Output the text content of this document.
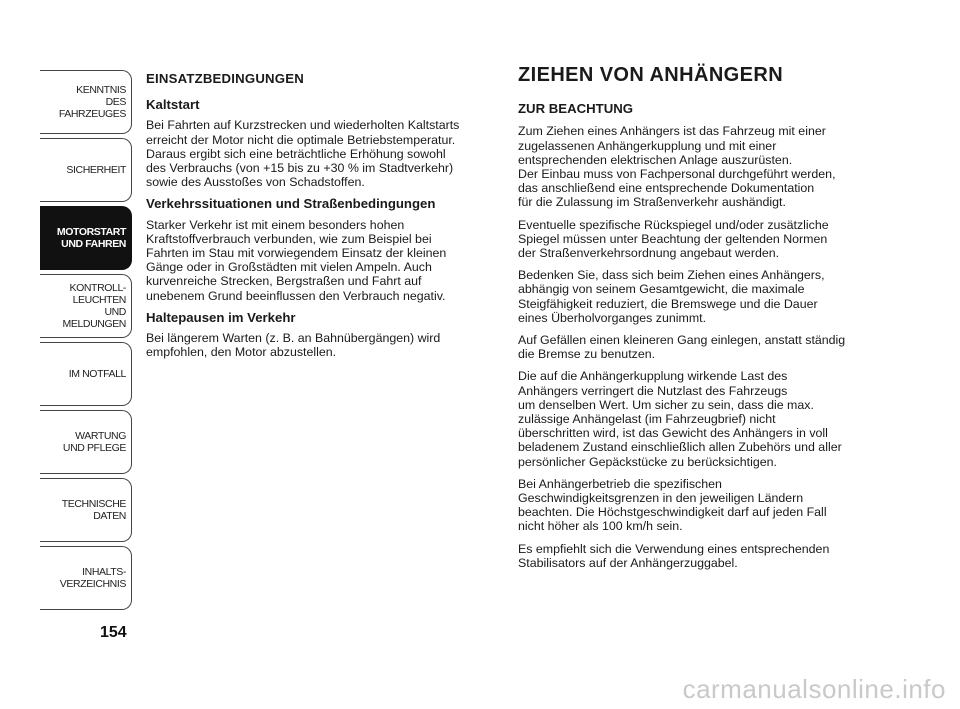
KENNTNIS
DES FAHRZEUGES
SICHERHEIT
MOTORSTART
UND FAHREN
KONTROLL-
LEUCHTEN
UND MELDUNGEN
IM NOTFALL
WARTUNG
UND PFLEGE
TECHNISCHE
DATEN
INHALTS-
VERZEICHNIS
154
EINSATZBEDINGUNGEN
Kaltstart

Bei Fahrten auf Kurzstrecken und wiederholten Kaltstarts
erreicht der Motor nicht die optimale Betriebstemperatur.
Daraus ergibt sich eine beträchtliche Erhöhung sowohl
des Verbrauchs (von +15 bis zu +30 % im Stadtverkehr)
sowie des Ausstoßes von Schadstoffen.

Verkehrssituationen und Straßenbedingungen

Starker Verkehr ist mit einem besonders hohen
Kraftstoffverbrauch verbunden, wie zum Beispiel bei
Fahrten im Stau mit vorwiegendem Einsatz der kleinen
Gänge oder in Großstädten mit vielen Ampeln. Auch
kurvenreiche Strecken, Bergstraßen und Fahrt auf
unebenem Grund beeinflussen den Verbrauch negativ.

Haltepausen im Verkehr

Bei längerem Warten (z. B. an Bahnübergängen) wird
empfohlen, den Motor abzustellen.

ZIEHEN VON ANHÄNGERN
ZUR BEACHTUNG

Zum Ziehen eines Anhängers ist das Fahrzeug mit einer
zugelassenen Anhängerkupplung und mit einer
entsprechenden elektrischen Anlage auszurüsten.
Der Einbau muss von Fachpersonal durchgeführt werden,
das anschließend eine entsprechende Dokumentation
für die Zulassung im Straßenverkehr aushändigt.

Eventuelle spezifische Rückspiegel und/oder zusätzliche
Spiegel müssen unter Beachtung der geltenden Normen
der Straßenverkehrsordnung angebaut werden.

Bedenken Sie, dass sich beim Ziehen eines Anhängers,
abhängig von seinem Gesamtgewicht, die maximale
Steigfähigkeit reduziert, die Bremswege und die Dauer
eines Überholvorganges zunimmt.

Auf Gefällen einen kleineren Gang einlegen, anstatt ständig
die Bremse zu benutzen.

Die auf die Anhängerkupplung wirkende Last des
Anhängers verringert die Nutzlast des Fahrzeugs
um denselben Wert. Um sicher zu sein, dass die max.
zulässige Anhängelast (im Fahrzeugbrief) nicht
überschritten wird, ist das Gewicht des Anhängers in voll
beladenem Zustand einschließlich allen Zubehörs und aller
persönlicher Gepäckstücke zu berücksichtigen.

Bei Anhängerbetrieb die spezifischen
Geschwindigkeitsgrenzen in den jeweiligen Ländern
beachten. Die Höchstgeschwindigkeit darf auf jeden Fall
nicht höher als 100 km/h sein.

Es empfiehlt sich die Verwendung eines entsprechenden
Stabilisators auf der Anhängerzuggabel.

carmanualsonline.info
